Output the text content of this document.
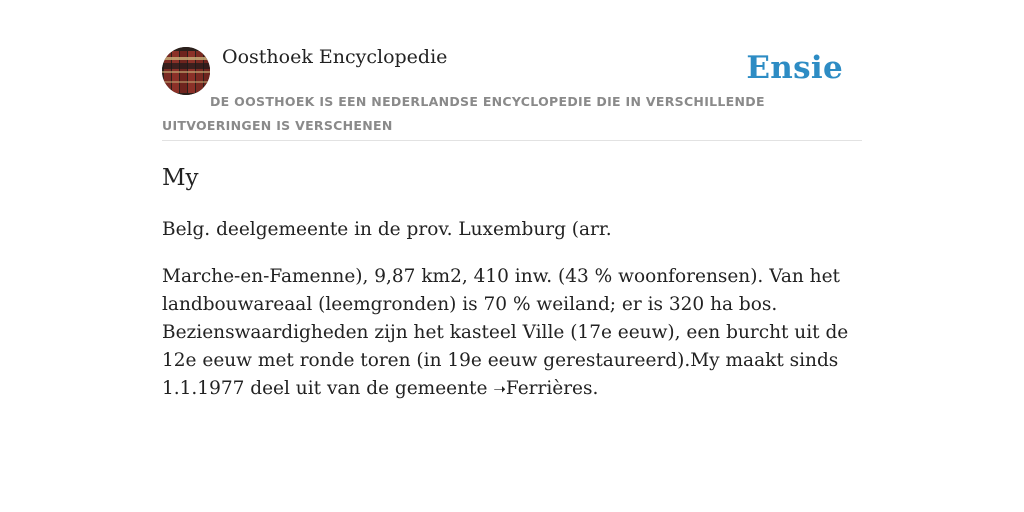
Oosthoek Encyclopedie	Ensie
DE OOSTHOEK IS EEN NEDERLANDSE ENCYCLOPEDIE DIE IN VERSCHILLENDE UITVOERINGEN IS VERSCHENEN
My

Belg. deelgemeente in de prov. Luxemburg (arr.

Marche-en-Famenne), 9,87 km2, 410 inw. (43 % woonforensen). Van het landbouwareaal (leemgronden) is 70 % weiland; er is 320 ha bos. Bezienswaardigheden zijn het kasteel Ville (17e eeuw), een burcht uit de 12e eeuw met ronde toren (in 19e eeuw gerestaureerd).My maakt sinds 1.1.1977 deel uit van de gemeente ➝Ferrières.
